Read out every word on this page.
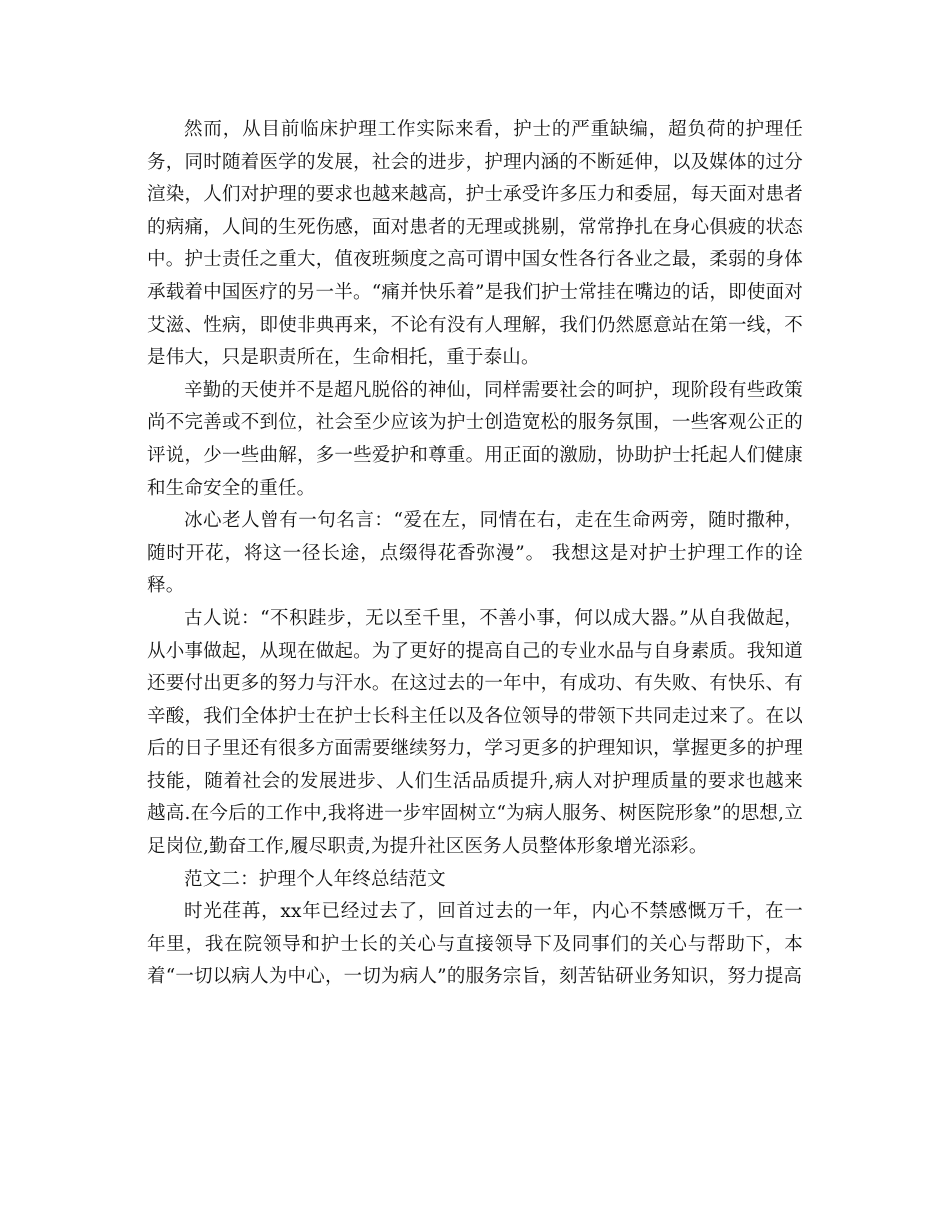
然而，从目前临床护理工作实际来看，护士的严重缺编，超负荷的护理任务，同时随着医学的发展，社会的进步，护理内涵的不断延伸，以及媒体的过分渲染，人们对护理的要求也越来越高，护士承受许多压力和委屈，每天面对患者的病痛，人间的生死伤感，面对患者的无理或挑剔，常常挣扎在身心俱疲的状态中。护士责任之重大，值夜班频度之高可谓中国女性各行各业之最，柔弱的身体承载着中国医疗的另一半。“痛并快乐着”是我们护士常挂在嘴边的话，即使面对艾滋、性病，即使非典再来，不论有没有人理解，我们仍然愿意站在第一线，不是伟大，只是职责所在，生命相托，重于泰山。

辛勤的天使并不是超凡脱俗的神仙，同样需要社会的呵护，现阶段有些政策尚不完善或不到位，社会至少应该为护士创造宽松的服务氛围，一些客观公正的评说，少一些曲解，多一些爱护和尊重。用正面的激励，协助护士托起人们健康和生命安全的重任。

冰心老人曾有一句名言：“爱在左，同情在右，走在生命两旁，随时撒种，随时开花，将这一径长途，点缀得花香弥漫”。 我想这是对护士护理工作的诠释。

古人说：“不积跬步，无以至千里，不善小事，何以成大器。”从自我做起，从小事做起，从现在做起。为了更好的提高自己的专业水品与自身素质。我知道还要付出更多的努力与汗水。在这过去的一年中，有成功、有失败、有快乐、有辛酸，我们全体护士在护士长科主任以及各位领导的带领下共同走过来了。在以后的日子里还有很多方面需要继续努力，学习更多的护理知识，掌握更多的护理技能，随着社会的发展进步、人们生活品质提升,病人对护理质量的要求也越来越高.在今后的工作中,我将进一步牢固树立“为病人服务、树医院形象”的思想,立足岗位,勤奋工作,履尽职责,为提升社区医务人员整体形象增光添彩。

范文二：护理个人年终总结范文

时光荏苒，xx年已经过去了，回首过去的一年，内心不禁感慨万千，在一年里，我在院领导和护士长的关心与直接领导下及同事们的关心与帮助下，本着“一切以病人为中心，一切为病人”的服务宗旨，刻苦钻研业务知识，努力提高
